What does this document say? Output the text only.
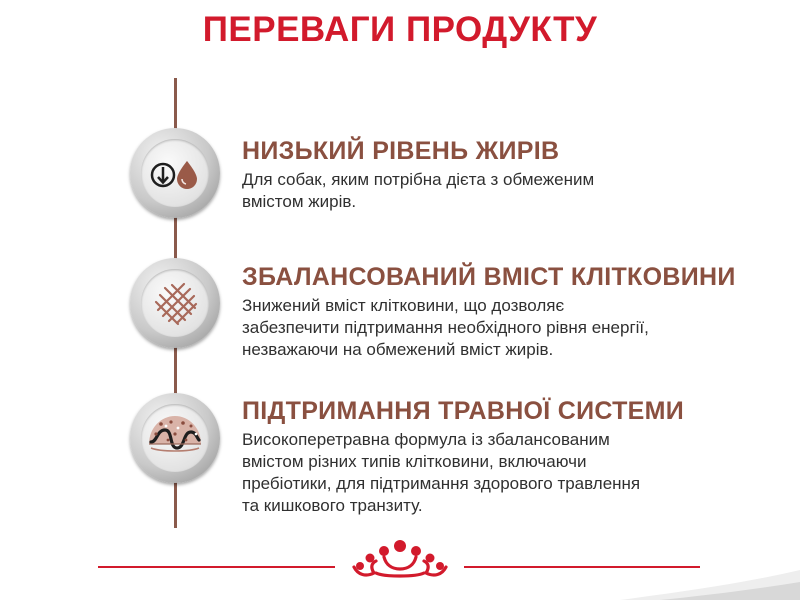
ПЕРЕВАГИ ПРОДУКТУ
НИЗЬКИЙ РІВЕНЬ ЖИРІВ

Для собак, яким потрібна дієта з обмеженим
вмістом жирів.

ЗБАЛАНСОВАНИЙ ВМІСТ КЛІТКОВИНИ

Знижений вміст клітковини, що дозволяє
забезпечити підтримання необхідного рівня енергії,
незважаючи на обмежений вміст жирів.

ПІДТРИМАННЯ ТРАВНОЇ СИСТЕМИ

Високоперетравна формула із збалансованим
вмістом різних типів клітковини, включаючи
пребіотики, для підтримання здорового травлення
та кишкового транзиту.
